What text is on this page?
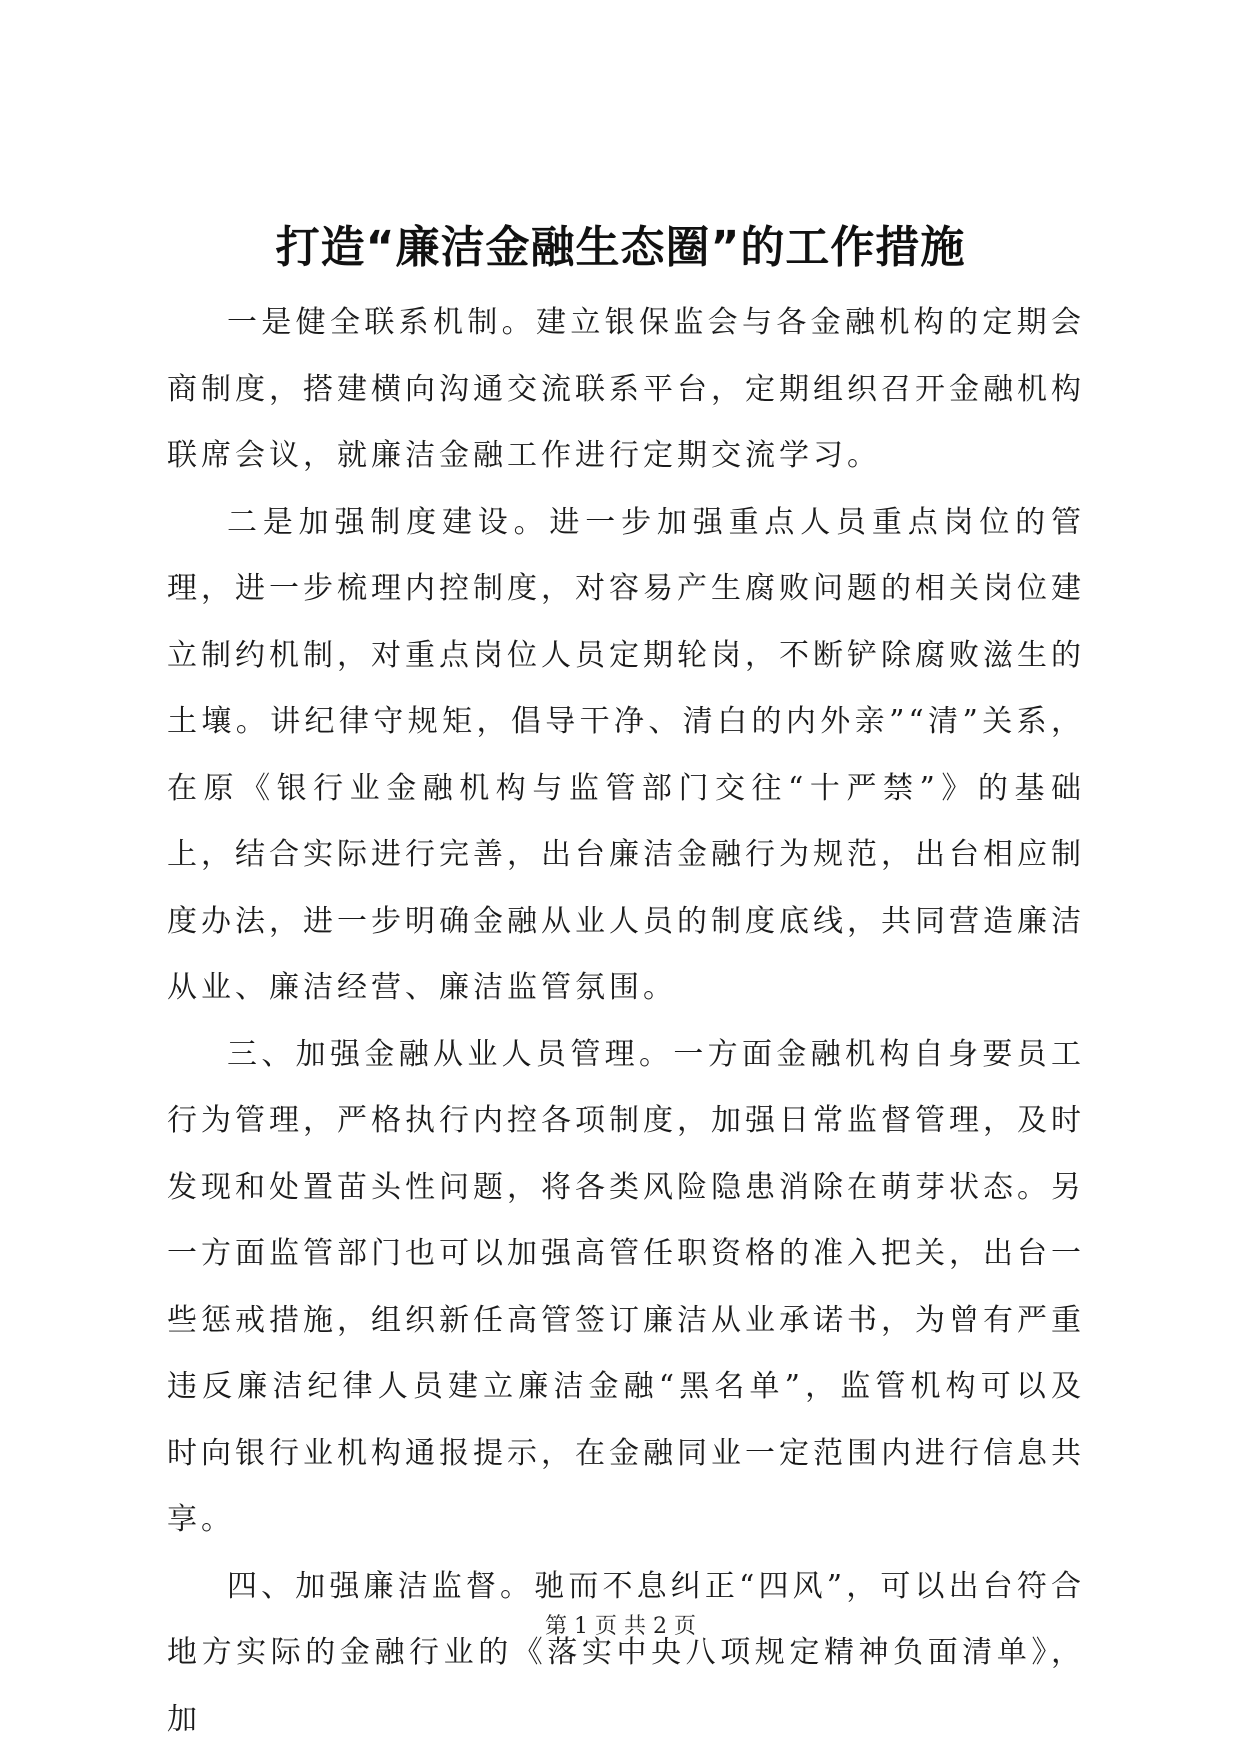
打造“廉洁金融生态圈”的工作措施

一是健全联系机制。建立银保监会与各金融机构的定期会商制度，搭建横向沟通交流联系平台，定期组织召开金融机构联席会议，就廉洁金融工作进行定期交流学习。

二是加强制度建设。进一步加强重点人员重点岗位的管理，进一步梳理内控制度，对容易产生腐败问题的相关岗位建立制约机制，对重点岗位人员定期轮岗，不断铲除腐败滋生的土壤。讲纪律守规矩，倡导干净、清白的内外亲”“清”关系，在原《银行业金融机构与监管部门交往“十严禁”》的基础上，结合实际进行完善，出台廉洁金融行为规范，出台相应制度办法，进一步明确金融从业人员的制度底线，共同营造廉洁从业、廉洁经营、廉洁监管氛围。

三、加强金融从业人员管理。一方面金融机构自身要员工行为管理，严格执行内控各项制度，加强日常监督管理，及时发现和处置苗头性问题，将各类风险隐患消除在萌芽状态。另一方面监管部门也可以加强高管任职资格的准入把关，出台一些惩戒措施，组织新任高管签订廉洁从业承诺书，为曾有严重违反廉洁纪律人员建立廉洁金融“黑名单”，监管机构可以及时向银行业机构通报提示，在金融同业一定范围内进行信息共享。

四、加强廉洁监督。驰而不息纠正“四风”，可以出台符合地方实际的金融行业的《落实中央八项规定精神负面清单》，加

第 1 页 共 2 页
